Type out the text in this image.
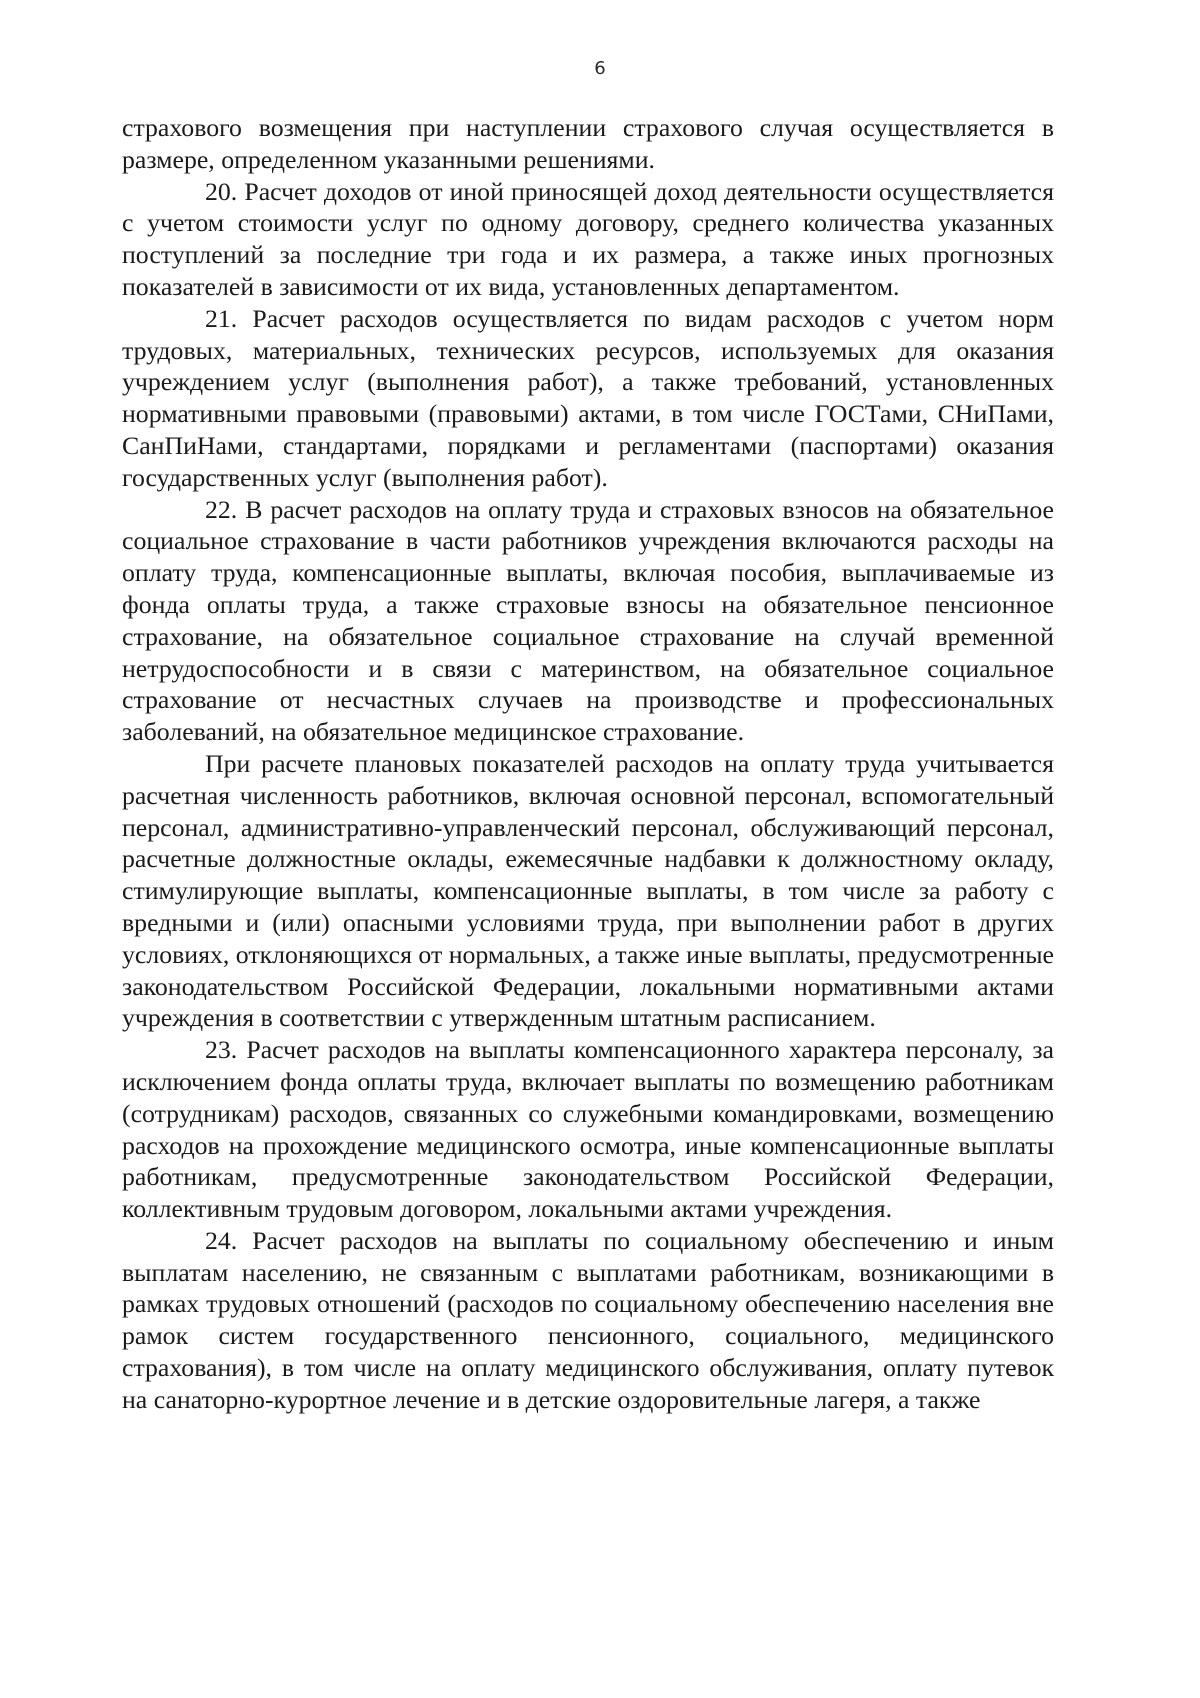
6

страхового возмещения при наступлении страхового случая осуществляется в размере, определенном указанными решениями.

20. Расчет доходов от иной приносящей доход деятельности осуществляется с учетом стоимости услуг по одному договору, среднего количества указанных поступлений за последние три года и их размера, а также иных прогнозных показателей в зависимости от их вида, установленных департаментом.

21. Расчет расходов осуществляется по видам расходов с учетом норм трудовых, материальных, технических ресурсов, используемых для оказания учреждением услуг (выполнения работ), а также требований, установленных нормативными правовыми (правовыми) актами, в том числе ГОСТами, СНиПами, СанПиНами, стандартами, порядками и регламентами (паспортами) оказания государственных услуг (выполнения работ).

22. В расчет расходов на оплату труда и страховых взносов на обязательное социальное страхование в части работников учреждения включаются расходы на оплату труда, компенсационные выплаты, включая пособия, выплачиваемые из фонда оплаты труда, а также страховые взносы на обязательное пенсионное страхование, на обязательное социальное страхование на случай временной нетрудоспособности и в связи с материнством, на обязательное социальное страхование от несчастных случаев на производстве и профессиональных заболеваний, на обязательное медицинское страхование.

При расчете плановых показателей расходов на оплату труда учитывается расчетная численность работников, включая основной персонал, вспомогательный персонал, административно-управленческий персонал, обслуживающий персонал, расчетные должностные оклады, ежемесячные надбавки к должностному окладу, стимулирующие выплаты, компенсационные выплаты, в том числе за работу с вредными и (или) опасными условиями труда, при выполнении работ в других условиях, отклоняющихся от нормальных, а также иные выплаты, предусмотренные законодательством Российской Федерации, локальными нормативными актами учреждения в соответствии с утвержденным штатным расписанием.

23. Расчет расходов на выплаты компенсационного характера персоналу, за исключением фонда оплаты труда, включает выплаты по возмещению работникам (сотрудникам) расходов, связанных со служебными командировками, возмещению расходов на прохождение медицинского осмотра, иные компенсационные выплаты работникам, предусмотренные законодательством Российской Федерации, коллективным трудовым договором, локальными актами учреждения.

24. Расчет расходов на выплаты по социальному обеспечению и иным выплатам населению, не связанным с выплатами работникам, возникающими в рамках трудовых отношений (расходов по социальному обеспечению населения вне рамок систем государственного пенсионного, социального, медицинского страхования), в том числе на оплату медицинского обслуживания, оплату путевок на санаторно-курортное лечение и в детские оздоровительные лагеря, а также
